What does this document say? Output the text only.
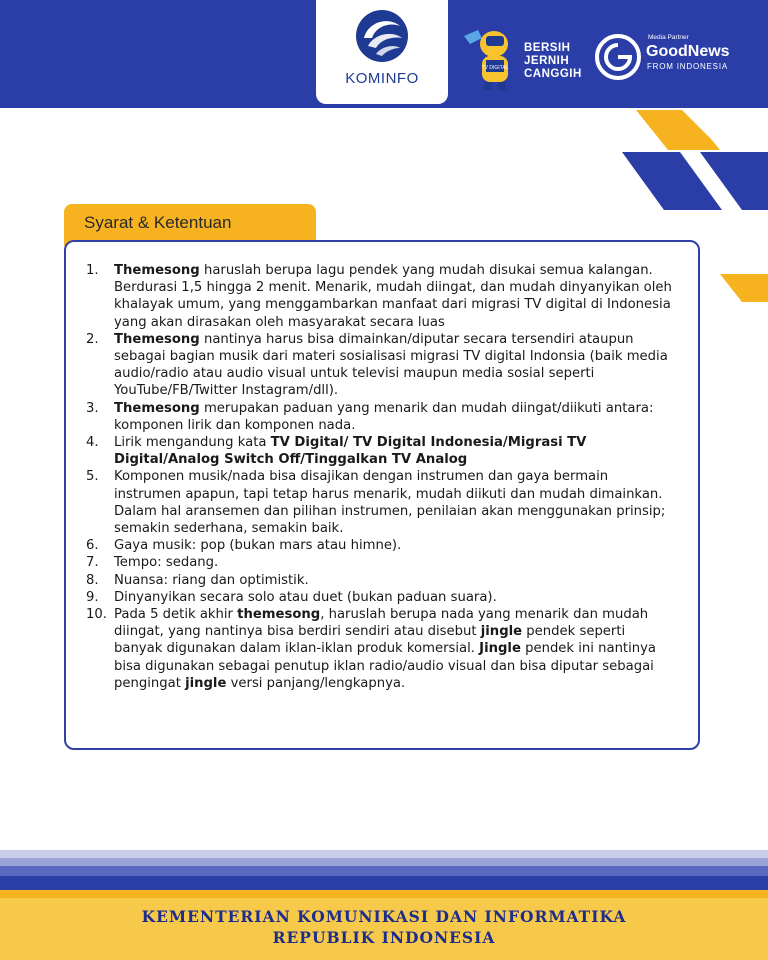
KOMINFO
TV DIGITAL
BERSIH
JERNIH
CANGGIH
Media Partner
GoodNews
FROM INDONESIA
Syarat & Ketentuan
1.	Themesong haruslah berupa lagu pendek yang mudah disukai semua kalangan. Berdurasi 1,5 hingga 2 menit. Menarik, mudah diingat, dan mudah dinyanyikan oleh khalayak umum, yang menggambarkan manfaat dari migrasi TV digital di Indonesia
yang akan dirasakan oleh masyarakat secara luas
2.	Themesong nantinya harus bisa dimainkan/diputar secara tersendiri ataupun sebagai bagian musik dari materi sosialisasi migrasi TV digital Indonsia (baik media audio/radio atau audio visual untuk televisi maupun media sosial seperti YouTube/FB/Twitter Instagram/dll).
3.	Themesong merupakan paduan yang menarik dan mudah diingat/diikuti antara: komponen lirik dan komponen nada.
4.	Lirik mengandung kata TV Digital/ TV Digital Indonesia/Migrasi TV Digital/Analog Switch Off/Tinggalkan TV Analog
5.	Komponen musik/nada bisa disajikan dengan instrumen dan gaya bermain instrumen apapun, tapi tetap harus menarik, mudah diikuti dan mudah dimainkan. Dalam hal aransemen dan pilihan instrumen, penilaian akan menggunakan prinsip; semakin sederhana, semakin baik.
6.	Gaya musik: pop (bukan mars atau himne).
7.	Tempo: sedang.
8.	Nuansa: riang dan optimistik.
9.	Dinyanyikan secara solo atau duet (bukan paduan suara).
10. Pada 5 detik akhir themesong, haruslah berupa nada yang menarik dan mudah diingat, yang nantinya bisa berdiri sendiri atau disebut jingle pendek seperti banyak digunakan dalam iklan-iklan produk komersial. Jingle pendek ini nantinya bisa digunakan sebagai penutup iklan radio/audio visual dan bisa diputar sebagai pengingat jingle versi panjang/lengkapnya.
KEMENTERIAN KOMUNIKASI DAN INFORMATIKA
REPUBLIK INDONESIA
